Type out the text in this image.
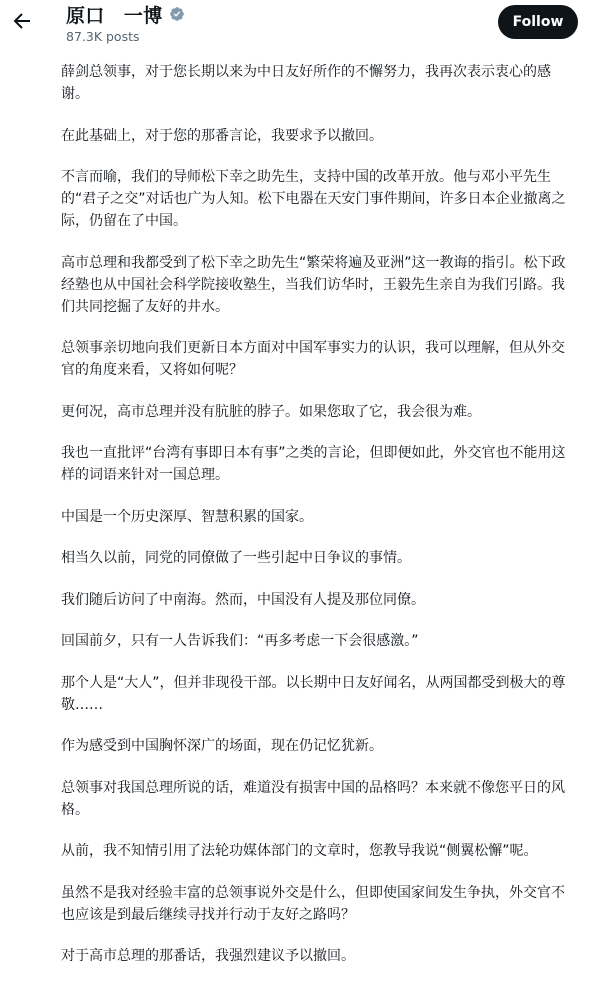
原口　一博
87.3K posts
Follow

薛剑总领事，对于您长期以来为中日友好所作的不懈努力，我再次表示衷心的感谢。

在此基础上，对于您的那番言论，我要求予以撤回。

不言而喻，我们的导师松下幸之助先生，支持中国的改革开放。他与邓小平先生的“君子之交”对话也广为人知。松下电器在天安门事件期间，许多日本企业撤离之际，仍留在了中国。

高市总理和我都受到了松下幸之助先生“繁荣将遍及亚洲”这一教诲的指引。松下政经塾也从中国社会科学院接收塾生，当我们访华时，王毅先生亲自为我们引路。我们共同挖掘了友好的井水。

总领事亲切地向我们更新日本方面对中国军事实力的认识，我可以理解，但从外交官的角度来看，又将如何呢？

更何况，高市总理并没有肮脏的脖子。如果您取了它，我会很为难。

我也一直批评“台湾有事即日本有事”之类的言论，但即便如此，外交官也不能用这样的词语来针对一国总理。

中国是一个历史深厚、智慧积累的国家。

相当久以前，同党的同僚做了一些引起中日争议的事情。

我们随后访问了中南海。然而，中国没有人提及那位同僚。

回国前夕，只有一人告诉我们：“再多考虑一下会很感激。”

那个人是“大人”，但并非现役干部。以长期中日友好闻名，从两国都受到极大的尊敬……

作为感受到中国胸怀深广的场面，现在仍记忆犹新。

总领事对我国总理所说的话，难道没有损害中国的品格吗？本来就不像您平日的风格。

从前，我不知情引用了法轮功媒体部门的文章时，您教导我说“侧翼松懈”呢。

虽然不是我对经验丰富的总领事说外交是什么，但即使国家间发生争执，外交官不也应该是到最后继续寻找并行动于友好之路吗？

对于高市总理的那番话，我强烈建议予以撤回。
